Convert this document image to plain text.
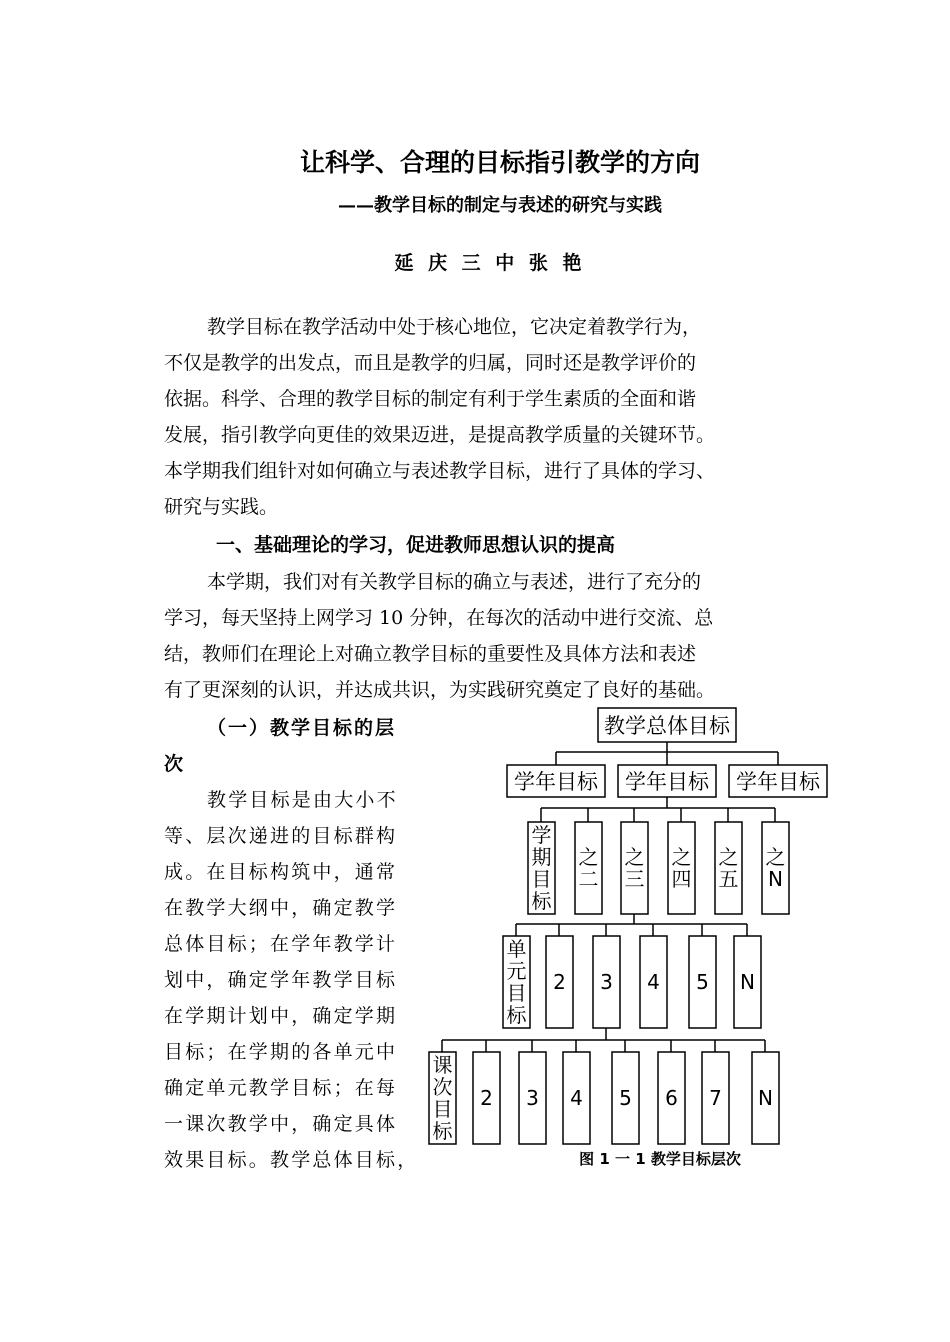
让科学、合理的目标指引教学的方向
——教学目标的制定与表述的研究与实践
延 庆 三 中 张 艳
教学目标在教学活动中处于核心地位，它决定着教学行为，
不仅是教学的出发点，而且是教学的归属，同时还是教学评价的
依据。科学、合理的教学目标的制定有利于学生素质的全面和谐
发展，指引教学向更佳的效果迈进，是提高教学质量的关键环节。
本学期我们组针对如何确立与表述教学目标，进行了具体的学习、
研究与实践。
一、基础理论的学习，促进教师思想认识的提高
本学期，我们对有关教学目标的确立与表述，进行了充分的
学习，每天坚持上网学习 10 分钟，在每次的活动中进行交流、总
结，教师们在理论上对确立教学目标的重要性及具体方法和表述
有了更深刻的认识，并达成共识，为实践研究奠定了良好的基础。
（一）教学目标的层
次
教学目标是由大小不
等、层次递进的目标群构
成。在目标构筑中，通常
在教学大纲中，确定教学
总体目标；在学年教学计
划中，确定学年教学目标
在学期计划中，确定学期
目标；在学期的各单元中
确定单元教学目标；在每
一课次教学中，确定具体
效果目标。教学总体目标，
教学总体目标
学年目标 学年目标 学年目标
学期目标
之二
之三
之四
之五
之 N
单元目标
2 3 4 5 N
课次目标
2 3 4 5 6 7 N
图 1 一 1 教学目标层次
